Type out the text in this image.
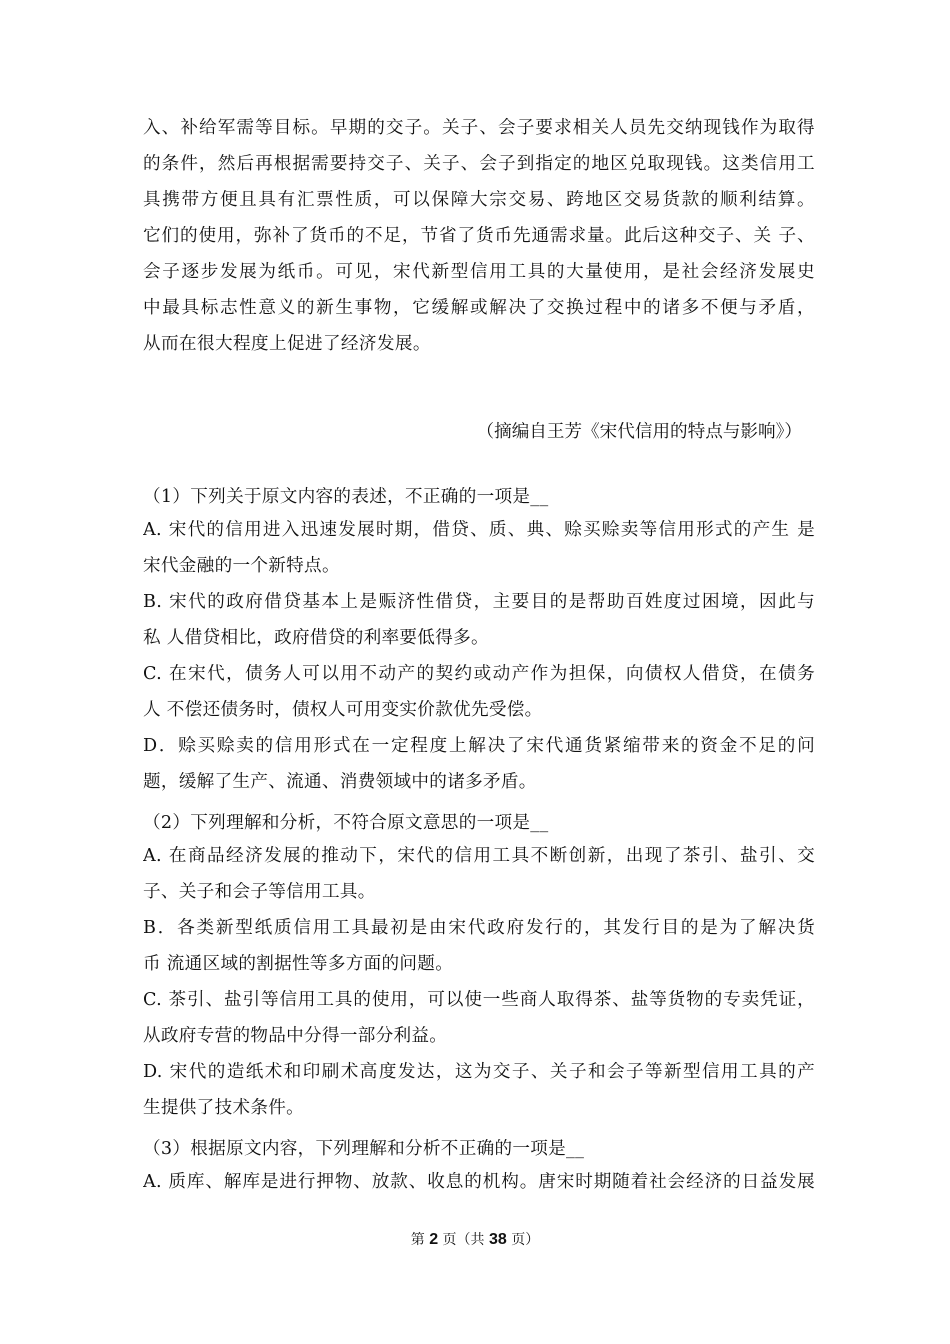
入、补给军需等目标。早期的交子。关子、会子要求相关人员先交纳现钱作为取得
的条件，然后再根据需要持交子、关子、会子到指定的地区兑取现钱。这类信用工
具携带方便且具有汇票性质，可以保障大宗交易、跨地区交易货款的顺利结算。
它们的使用，弥补了货币的不足，节省了货币先通需求量。此后这种交子、关 子、
会子逐步发展为纸币。可见，宋代新型信用工具的大量使用，是社会经济发展史
中最具标志性意义的新生事物，它缓解或解决了交换过程中的诸多不便与矛盾，
从而在很大程度上促进了经济发展。
（摘编自王芳《宋代信用的特点与影响》）
（1）下列关于原文内容的表述，不正确的一项是__
A. 宋代的信用进入迅速发展时期，借贷、质、典、赊买赊卖等信用形式的产生 是
宋代金融的一个新特点。
B. 宋代的政府借贷基本上是赈济性借贷，主要目的是帮助百姓度过困境，因此与
私 人借贷相比，政府借贷的利率要低得多。
C. 在宋代，债务人可以用不动产的契约或动产作为担保，向债权人借贷，在债务
人 不偿还债务时，债权人可用变实价款优先受偿。
D．赊买赊卖的信用形式在一定程度上解决了宋代通货紧缩带来的资金不足的问
题，缓解了生产、流通、消费领域中的诸多矛盾。
（2）下列理解和分析，不符合原文意思的一项是__
A. 在商品经济发展的推动下，宋代的信用工具不断创新，出现了茶引、盐引、交
子、关子和会子等信用工具。
B．各类新型纸质信用工具最初是由宋代政府发行的，其发行目的是为了解决货
币 流通区域的割据性等多方面的问题。
C. 茶引、盐引等信用工具的使用，可以使一些商人取得茶、盐等货物的专卖凭证，
从政府专营的物品中分得一部分利益。
D. 宋代的造纸术和印刷术高度发达，这为交子、关子和会子等新型信用工具的产
生提供了技术条件。
（3）根据原文内容，下列理解和分析不正确的一项是__
A. 质库、解库是进行押物、放款、收息的机构。唐宋时期随着社会经济的日益发展
第 2 页（共 38 页）
